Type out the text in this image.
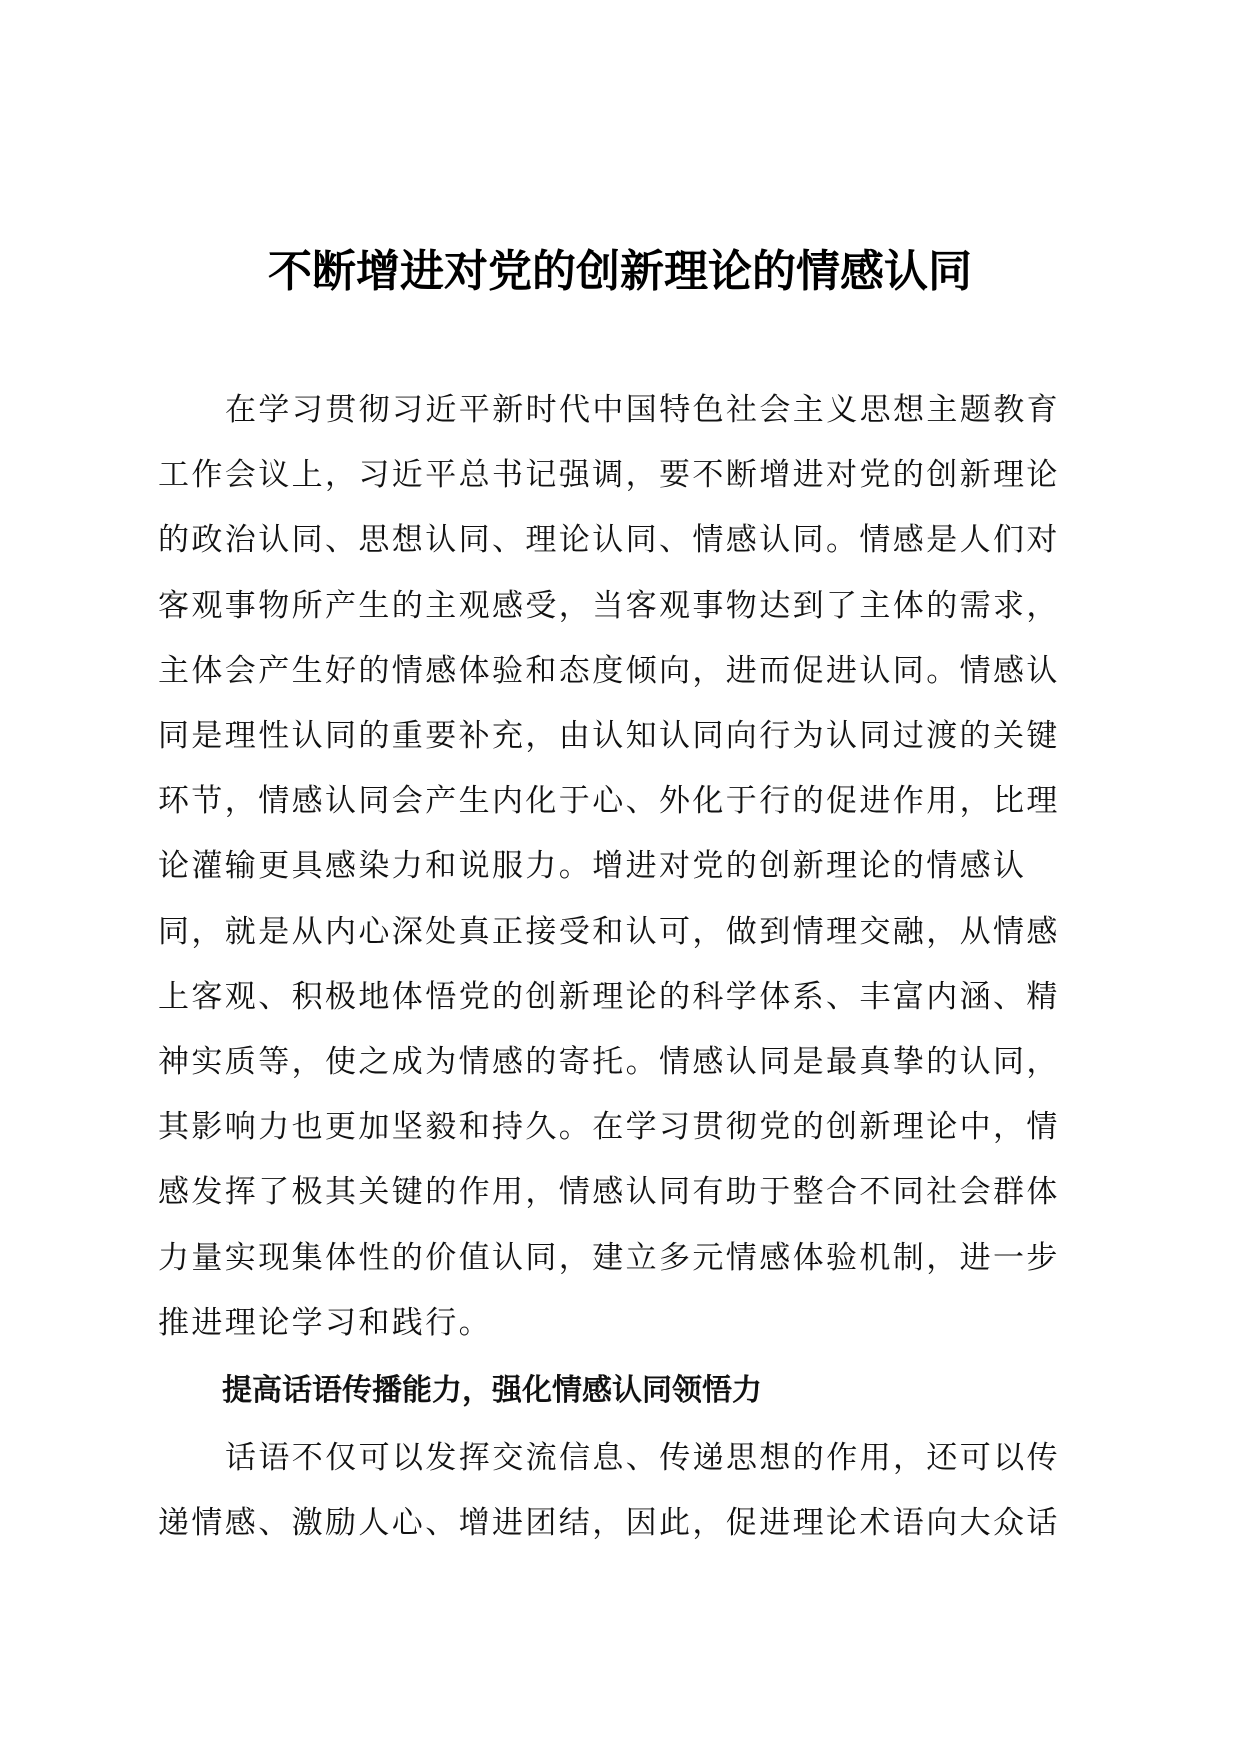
不断增进对党的创新理论的情感认同

在学习贯彻习近平新时代中国特色社会主义思想主题教育工作会议上，习近平总书记强调，要不断增进对党的创新理论的政治认同、思想认同、理论认同、情感认同。情感是人们对客观事物所产生的主观感受，当客观事物达到了主体的需求，主体会产生好的情感体验和态度倾向，进而促进认同。情感认同是理性认同的重要补充，由认知认同向行为认同过渡的关键环节，情感认同会产生内化于心、外化于行的促进作用，比理论灌输更具感染力和说服力。增进对党的创新理论的情感认同，就是从内心深处真正接受和认可，做到情理交融，从情感上客观、积极地体悟党的创新理论的科学体系、丰富内涵、精神实质等，使之成为情感的寄托。情感认同是最真挚的认同，其影响力也更加坚毅和持久。在学习贯彻党的创新理论中，情感发挥了极其关键的作用，情感认同有助于整合不同社会群体力量实现集体性的价值认同，建立多元情感体验机制，进一步推进理论学习和践行。

提高话语传播能力，强化情感认同领悟力

话语不仅可以发挥交流信息、传递思想的作用，还可以传递情感、激励人心、增进团结，因此，促进理论术语向大众话
